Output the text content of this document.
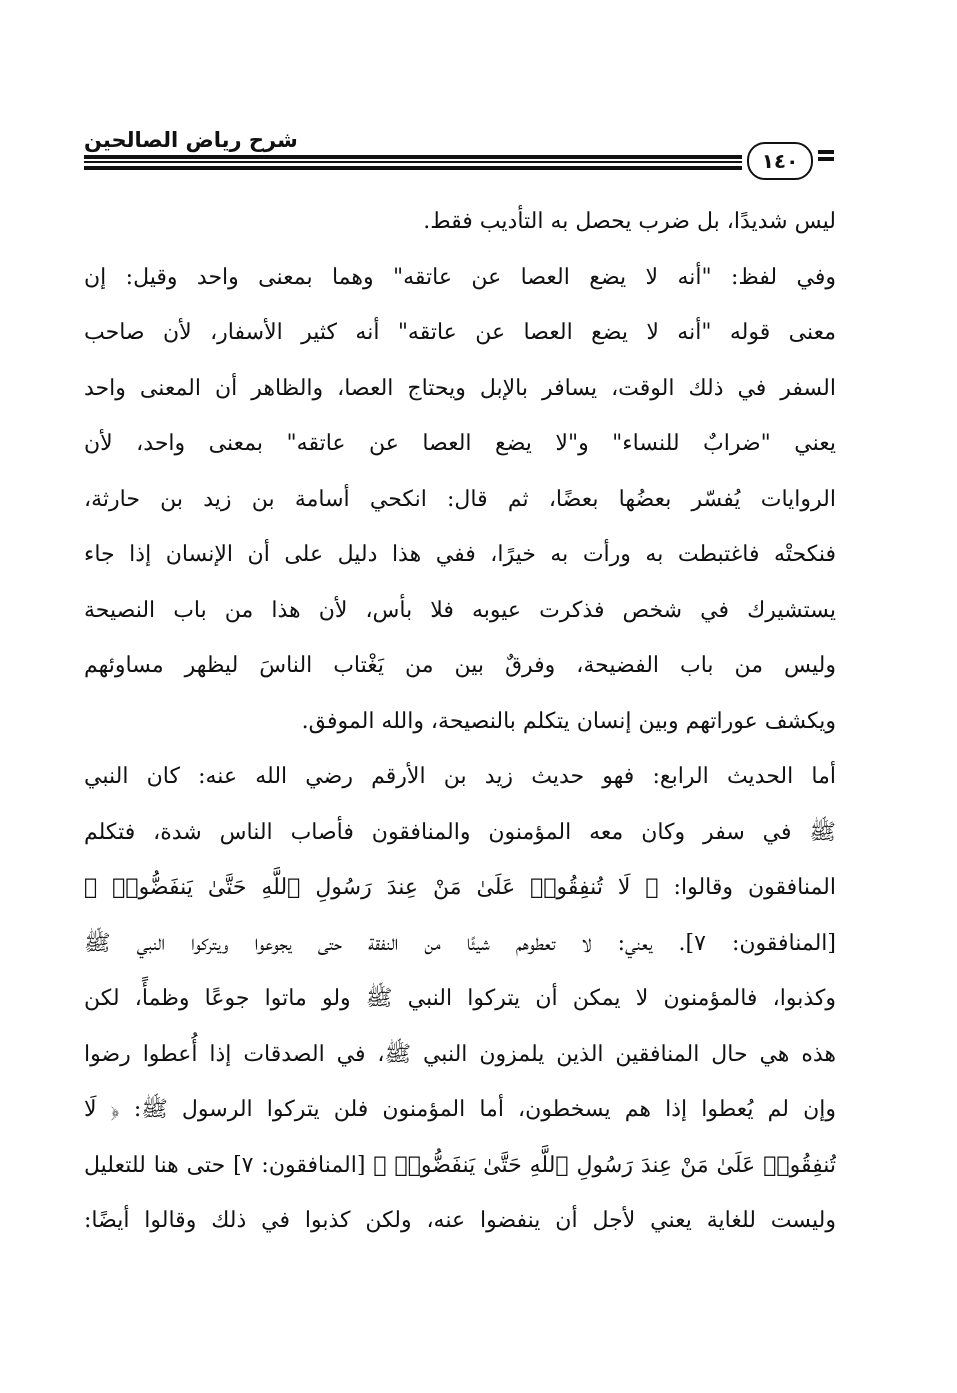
شرح رياض الصالحين
١٤٠
ليس شديدًا، بل ضرب يحصل به التأديب فقط.
وفي لفظ: "أنه لا يضع العصا عن عاتقه" وهما بمعنى واحد وقيل: إن
معنى قوله "أنه لا يضع العصا عن عاتقه" أنه كثير الأسفار، لأن صاحب
السفر في ذلك الوقت، يسافر بالإبل ويحتاج العصا، والظاهر أن المعنى واحد
يعني "ضرابٌ للنساء" و"لا يضع العصا عن عاتقه" بمعنى واحد، لأن
الروايات يُفسّر بعضُها بعضًا، ثم قال: انكحي أسامة بن زيد بن حارثة،
فنكحتْه فاغتبطت به ورأت به خيرًا، ففي هذا دليل على أن الإنسان إذا جاء
يستشيرك في شخص فذكرت عيوبه فلا بأس، لأن هذا من باب النصيحة
وليس من باب الفضيحة، وفرقٌ بين من يَغْتاب الناسَ ليظهر مساوئهم
ويكشف عوراتهم وبين إنسان يتكلم بالنصيحة، والله الموفق.
أما الحديث الرابع: فهو حديث زيد بن الأرقم رضي الله عنه: كان النبي
ﷺ في سفر وكان معه المؤمنون والمنافقون فأصاب الناس شدة، فتكلم
المنافقون وقالوا: ﴿ لَا تُنفِقُوا۟ عَلَىٰ مَنْ عِندَ رَسُولِ ٱللَّهِ حَتَّىٰ يَنفَضُّوا۟ ﴾
[المنافقون: ٧]. يعني: لا تعطوهم شيئًا من النفقة حتى يجوعوا ويتركوا النبي ﷺ
وكذبوا، فالمؤمنون لا يمكن أن يتركوا النبي ﷺ ولو ماتوا جوعًا وظمأً، لكن
هذه هي حال المنافقين الذين يلمزون النبي ﷺ، في الصدقات إذا أُعطوا رضوا
وإن لم يُعطوا إذا هم يسخطون، أما المؤمنون فلن يتركوا الرسول ﷺ: ﴿ لَا
تُنفِقُوا۟ عَلَىٰ مَنْ عِندَ رَسُولِ ٱللَّهِ حَتَّىٰ يَنفَضُّوا۟ ﴾ [المنافقون: ٧] حتى هنا للتعليل
وليست للغاية يعني لأجل أن ينفضوا عنه، ولكن كذبوا في ذلك وقالوا أيضًا:
